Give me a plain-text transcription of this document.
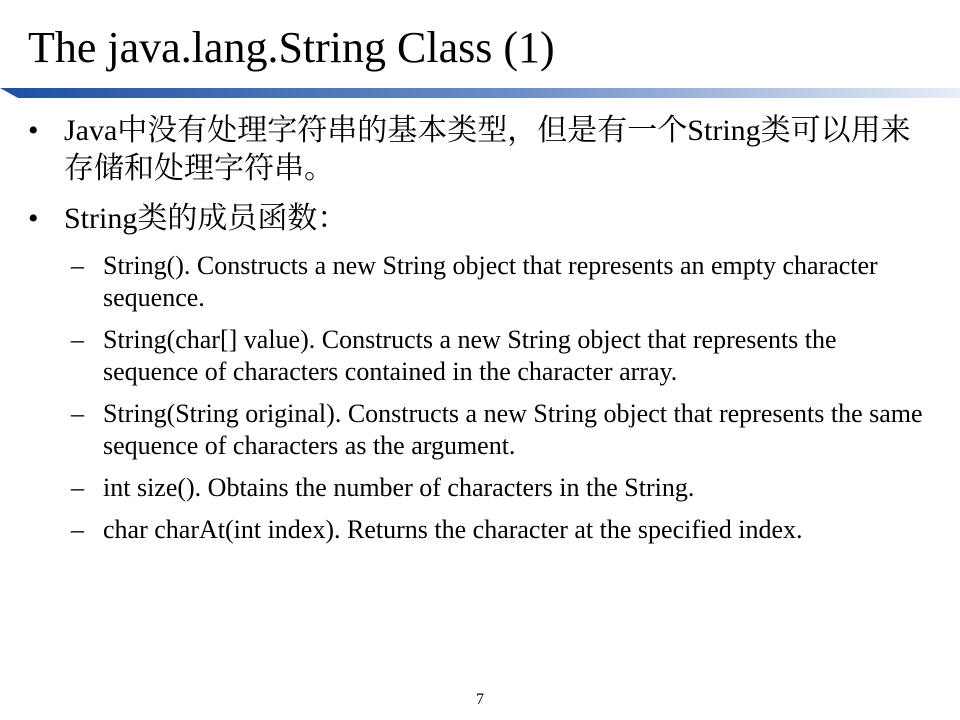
The java.lang.String Class (1)
• Java中没有处理字符串的基本类型，但是有一个String类可以用来存储和处理字符串。
• String类的成员函数：
– String(). Constructs a new String object that represents an empty character sequence.
– String(char[] value). Constructs a new String object that represents the sequence of characters contained in the character array.
– String(String original). Constructs a new String object that represents the same sequence of characters as the argument.
– int size(). Obtains the number of characters in the String.
– char charAt(int index). Returns the character at the specified index.
7
